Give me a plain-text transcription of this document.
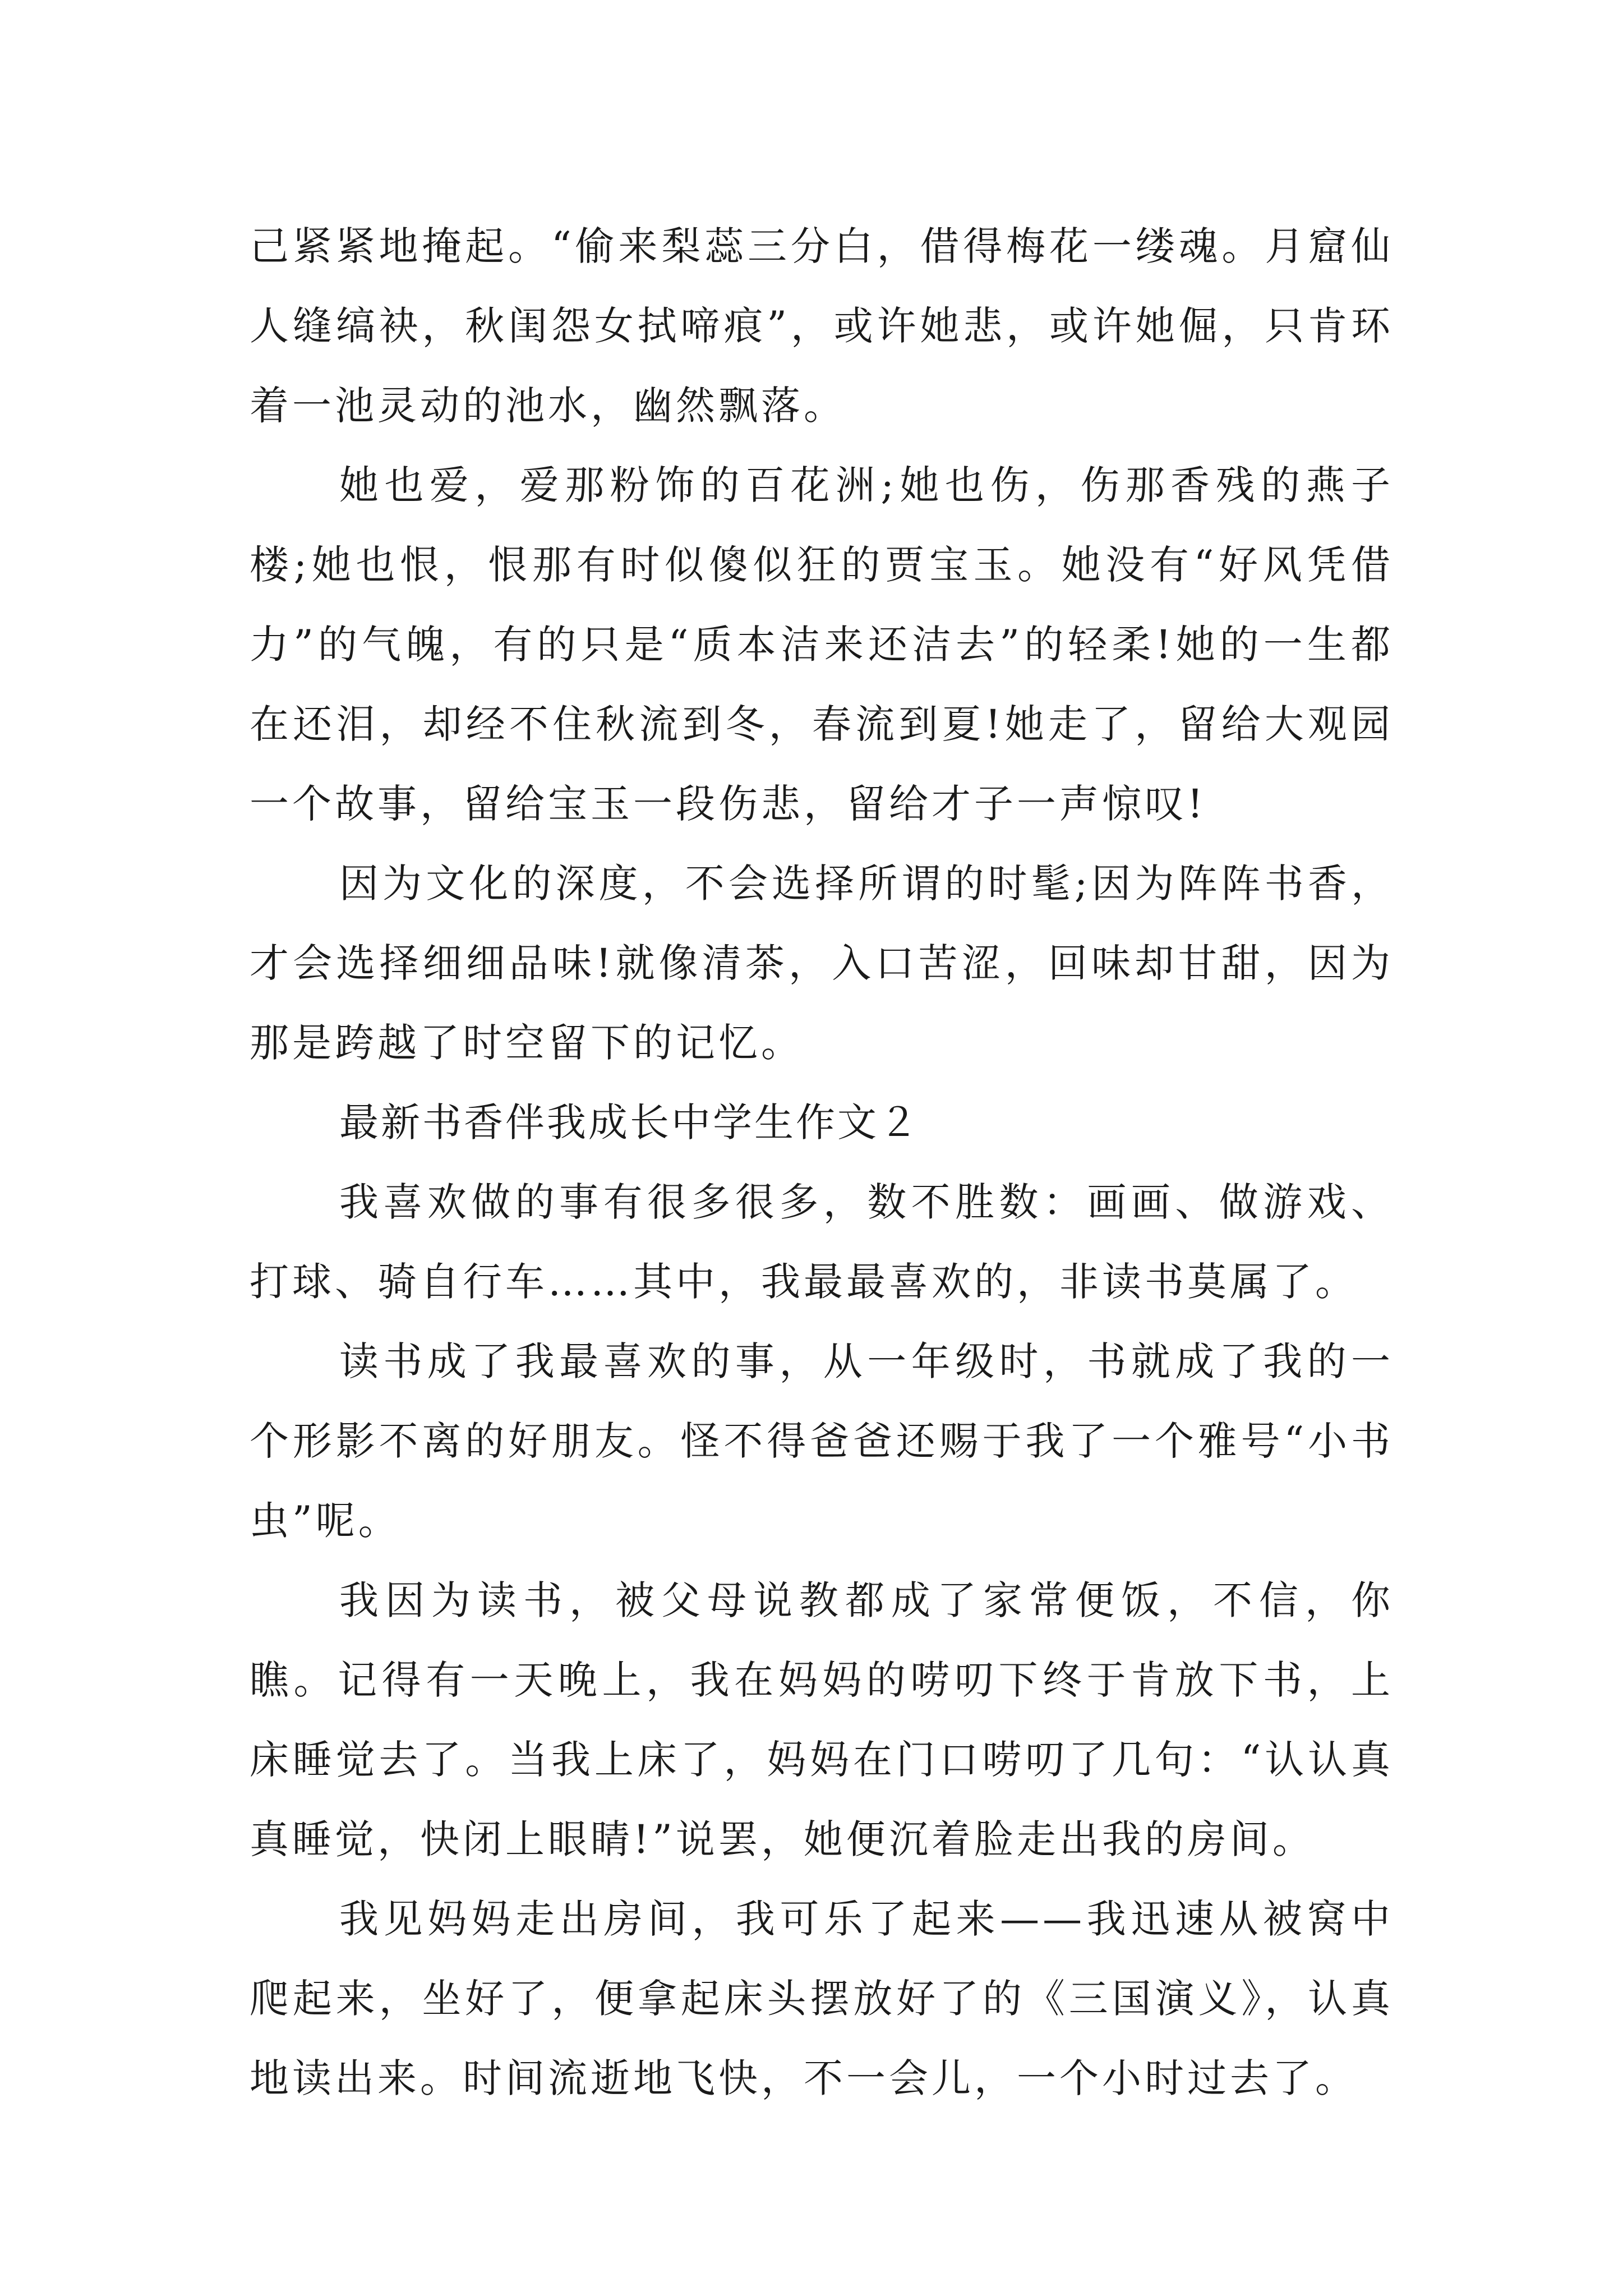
己紧紧地掩起。“偷来梨蕊三分白，借得梅花一缕魂。月窟仙人缝缟袂，秋闺怨女拭啼痕”，或许她悲，或许她倔，只肯环着一池灵动的池水，幽然飘落。

她也爱，爱那粉饰的百花洲;她也伤，伤那香残的燕子楼;她也恨，恨那有时似傻似狂的贾宝玉。她没有“好风凭借力”的气魄，有的只是“质本洁来还洁去”的轻柔!她的一生都在还泪，却经不住秋流到冬，春流到夏!她走了，留给大观园一个故事，留给宝玉一段伤悲，留给才子一声惊叹!

因为文化的深度，不会选择所谓的时髦;因为阵阵书香，才会选择细细品味!就像清茶，入口苦涩，回味却甘甜，因为那是跨越了时空留下的记忆。

最新书香伴我成长中学生作文２

我喜欢做的事有很多很多，数不胜数：画画、做游戏、打球、骑自行车……其中，我最最喜欢的，非读书莫属了。

读书成了我最喜欢的事，从一年级时，书就成了我的一个形影不离的好朋友。怪不得爸爸还赐于我了一个雅号“小书虫”呢。

我因为读书，被父母说教都成了家常便饭，不信，你瞧。记得有一天晚上，我在妈妈的唠叨下终于肯放下书，上床睡觉去了。当我上床了，妈妈在门口唠叨了几句：“认认真真睡觉，快闭上眼睛!”说罢，她便沉着脸走出我的房间。

我见妈妈走出房间，我可乐了起来——我迅速从被窝中爬起来，坐好了，便拿起床头摆放好了的《三国演义》，认真地读出来。时间流逝地飞快，不一会儿，一个小时过去了。
